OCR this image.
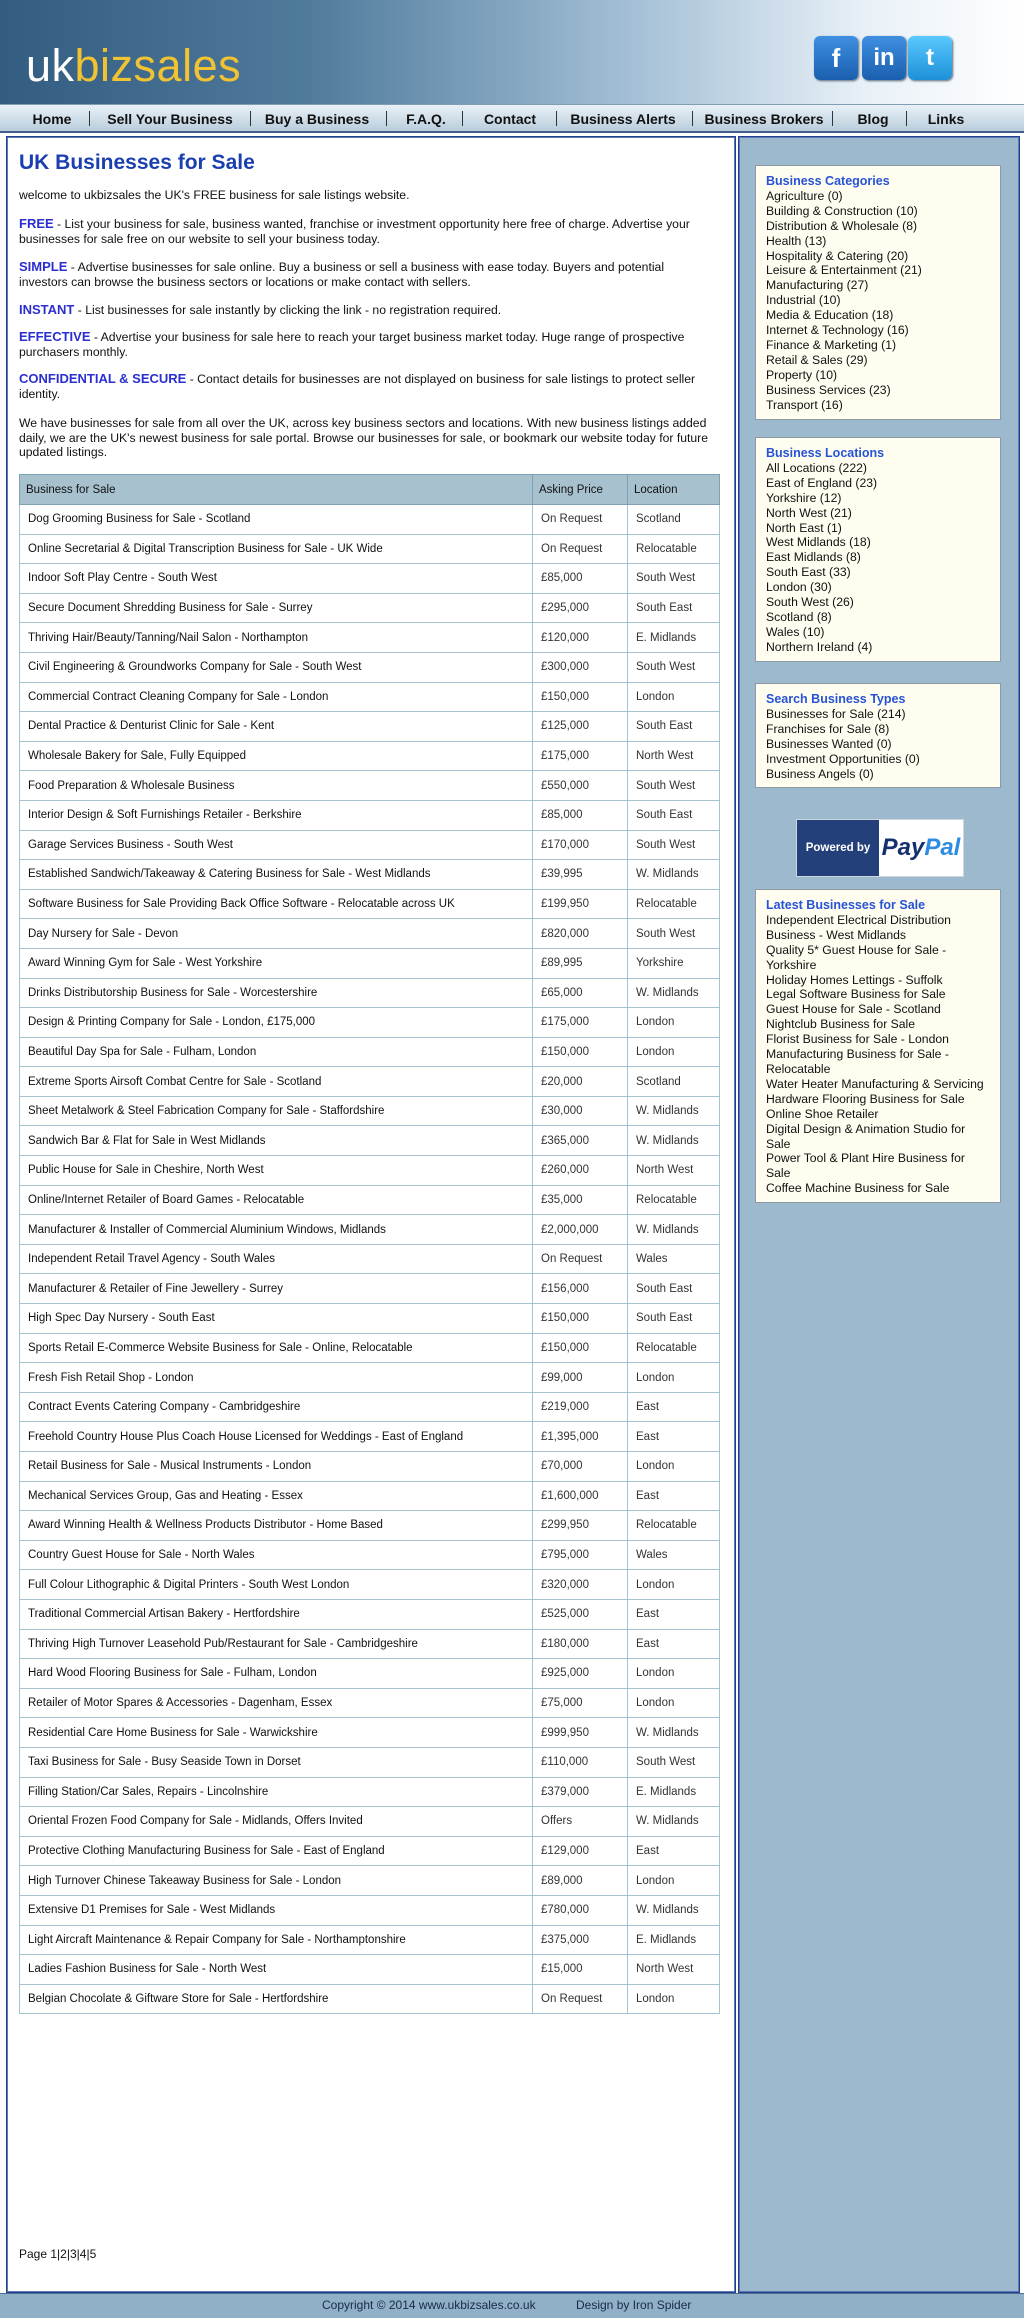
ukbizsales	f	in	t
Home	Sell Your Business	Buy a Business	F.A.Q.	Contact	Business Alerts	Business Brokers	Blog	Links
UK Businesses for Sale
welcome to ukbizsales the UK's FREE business for sale listings website.
FREE - List your business for sale, business wanted, franchise or investment opportunity here free of charge. Advertise your businesses for sale free on our website to sell your business today.
SIMPLE - Advertise businesses for sale online. Buy a business or sell a business with ease today. Buyers and potential investors can browse the business sectors or locations or make contact with sellers.
INSTANT - List businesses for sale instantly by clicking the link - no registration required.
EFFECTIVE - Advertise your business for sale here to reach your target business market today. Huge range of prospective purchasers monthly.
CONFIDENTIAL & SECURE - Contact details for businesses are not displayed on business for sale listings to protect seller identity.
We have businesses for sale from all over the UK, across key business sectors and locations. With new business listings added daily, we are the UK's newest business for sale portal. Browse our businesses for sale, or bookmark our website today for future updated listings.
Business for Sale	Asking Price	Location
Dog Grooming Business for Sale - Scotland	On Request	Scotland
Online Secretarial & Digital Transcription Business for Sale - UK Wide	On Request	Relocatable
Indoor Soft Play Centre - South West	£85,000	South West
Secure Document Shredding Business for Sale - Surrey	£295,000	South East
Thriving Hair/Beauty/Tanning/Nail Salon - Northampton	£120,000	E. Midlands
Civil Engineering & Groundworks Company for Sale - South West	£300,000	South West
Commercial Contract Cleaning Company for Sale - London	£150,000	London
Dental Practice & Denturist Clinic for Sale - Kent	£125,000	South East
Wholesale Bakery for Sale, Fully Equipped	£175,000	North West
Food Preparation & Wholesale Business	£550,000	South West
Interior Design & Soft Furnishings Retailer - Berkshire	£85,000	South East
Garage Services Business - South West	£170,000	South West
Established Sandwich/Takeaway & Catering Business for Sale - West Midlands	£39,995	W. Midlands
Software Business for Sale Providing Back Office Software - Relocatable across UK	£199,950	Relocatable
Day Nursery for Sale - Devon	£820,000	South West
Award Winning Gym for Sale - West Yorkshire	£89,995	Yorkshire
Drinks Distributorship Business for Sale - Worcestershire	£65,000	W. Midlands
Design & Printing Company for Sale - London, £175,000	£175,000	London
Beautiful Day Spa for Sale - Fulham, London	£150,000	London
Extreme Sports Airsoft Combat Centre for Sale - Scotland	£20,000	Scotland
Sheet Metalwork & Steel Fabrication Company for Sale - Staffordshire	£30,000	W. Midlands
Sandwich Bar & Flat for Sale in West Midlands	£365,000	W. Midlands
Public House for Sale in Cheshire, North West	£260,000	North West
Online/Internet Retailer of Board Games - Relocatable	£35,000	Relocatable
Manufacturer & Installer of Commercial Aluminium Windows, Midlands	£2,000,000	W. Midlands
Independent Retail Travel Agency - South Wales	On Request	Wales
Manufacturer & Retailer of Fine Jewellery - Surrey	£156,000	South East
High Spec Day Nursery - South East	£150,000	South East
Sports Retail E-Commerce Website Business for Sale - Online, Relocatable	£150,000	Relocatable
Fresh Fish Retail Shop - London	£99,000	London
Contract Events Catering Company - Cambridgeshire	£219,000	East
Freehold Country House Plus Coach House Licensed for Weddings - East of England	£1,395,000	East
Retail Business for Sale - Musical Instruments - London	£70,000	London
Mechanical Services Group, Gas and Heating - Essex	£1,600,000	East
Award Winning Health & Wellness Products Distributor - Home Based	£299,950	Relocatable
Country Guest House for Sale - North Wales	£795,000	Wales
Full Colour Lithographic & Digital Printers - South West London	£320,000	London
Traditional Commercial Artisan Bakery - Hertfordshire	£525,000	East
Thriving High Turnover Leasehold Pub/Restaurant for Sale - Cambridgeshire	£180,000	East
Hard Wood Flooring Business for Sale - Fulham, London	£925,000	London
Retailer of Motor Spares & Accessories - Dagenham, Essex	£75,000	London
Residential Care Home Business for Sale - Warwickshire	£999,950	W. Midlands
Taxi Business for Sale - Busy Seaside Town in Dorset	£110,000	South West
Filling Station/Car Sales, Repairs - Lincolnshire	£379,000	E. Midlands
Oriental Frozen Food Company for Sale - Midlands, Offers Invited	Offers	W. Midlands
Protective Clothing Manufacturing Business for Sale - East of England	£129,000	East
High Turnover Chinese Takeaway Business for Sale - London	£89,000	London
Extensive D1 Premises for Sale - West Midlands	£780,000	W. Midlands
Light Aircraft Maintenance & Repair Company for Sale - Northamptonshire	£375,000	E. Midlands
Ladies Fashion Business for Sale - North West	£15,000	North West
Belgian Chocolate & Giftware Store for Sale - Hertfordshire	On Request	London
Page 1|2|3|4|5
Business Categories
Agriculture (0)
Building & Construction (10)
Distribution & Wholesale (8)
Health (13)
Hospitality & Catering (20)
Leisure & Entertainment (21)
Manufacturing (27)
Industrial (10)
Media & Education (18)
Internet & Technology (16)
Finance & Marketing (1)
Retail & Sales (29)
Property (10)
Business Services (23)
Transport (16)
Business Locations
All Locations (222)
East of England (23)
Yorkshire (12)
North West (21)
North East (1)
West Midlands (18)
East Midlands (8)
South East (33)
London (30)
South West (26)
Scotland (8)
Wales (10)
Northern Ireland (4)
Search Business Types
Businesses for Sale (214)
Franchises for Sale (8)
Businesses Wanted (0)
Investment Opportunities (0)
Business Angels (0)
Powered by PayPal
Latest Businesses for Sale
Independent Electrical Distribution Business - West Midlands
Quality 5* Guest House for Sale - Yorkshire
Holiday Homes Lettings - Suffolk
Legal Software Business for Sale
Guest House for Sale - Scotland
Nightclub Business for Sale
Florist Business for Sale - London
Manufacturing Business for Sale - Relocatable
Water Heater Manufacturing & Servicing
Hardware Flooring Business for Sale
Online Shoe Retailer
Digital Design & Animation Studio for Sale
Power Tool & Plant Hire Business for Sale
Coffee Machine Business for Sale
Copyright © 2014 www.ukbizsales.co.uk	Design by Iron Spider
